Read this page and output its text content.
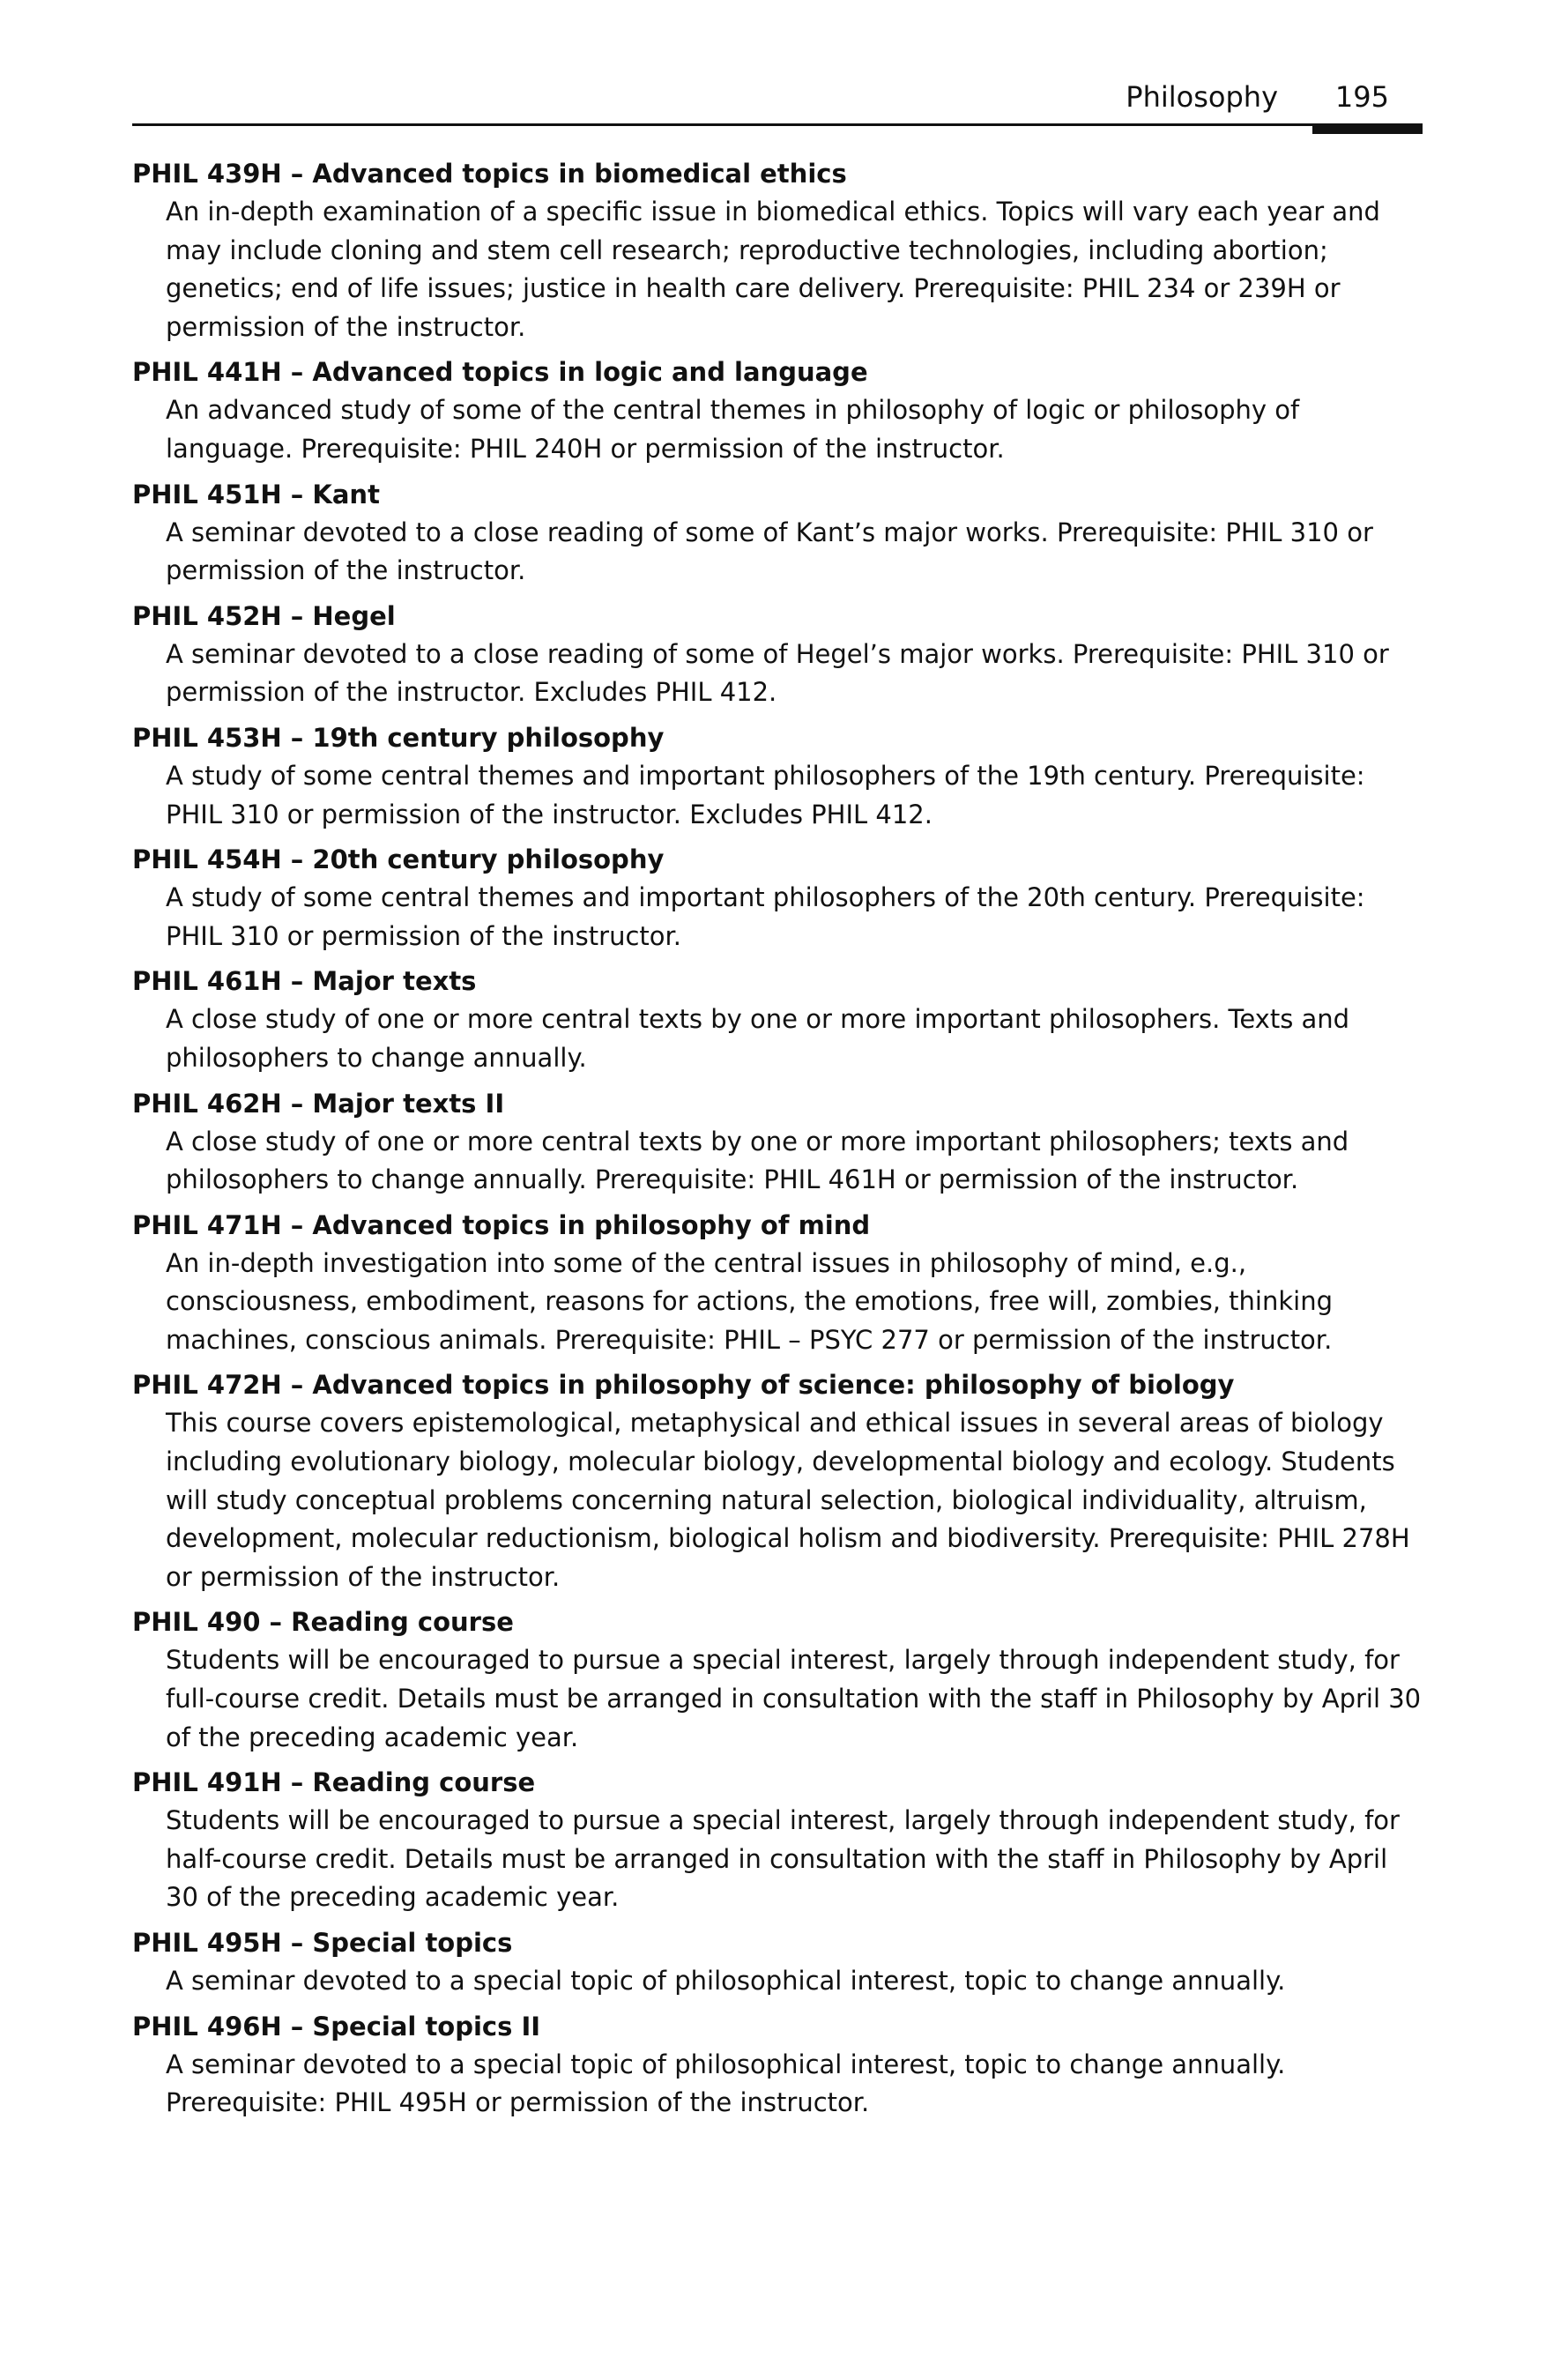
Philosophy 195
PHIL 439H – Advanced topics in biomedical ethics
An in-depth examination of a specific issue in biomedical ethics. Topics will vary each year and may include cloning and stem cell research; reproductive technologies, including abortion; genetics; end of life issues; justice in health care delivery. Prerequisite: PHIL 234 or 239H or permission of the instructor.
PHIL 441H – Advanced topics in logic and language
An advanced study of some of the central themes in philosophy of logic or philosophy of language. Prerequisite: PHIL 240H or permission of the instructor.
PHIL 451H – Kant
A seminar devoted to a close reading of some of Kant’s major works. Prerequisite: PHIL 310 or permission of the instructor.
PHIL 452H – Hegel
A seminar devoted to a close reading of some of Hegel’s major works. Prerequisite: PHIL 310 or permission of the instructor. Excludes PHIL 412.
PHIL 453H – 19th century philosophy
A study of some central themes and important philosophers of the 19th century. Prerequisite: PHIL 310 or permission of the instructor. Excludes PHIL 412.
PHIL 454H – 20th century philosophy
A study of some central themes and important philosophers of the 20th century. Prerequisite: PHIL 310 or permission of the instructor.
PHIL 461H – Major texts
A close study of one or more central texts by one or more important philosophers. Texts and philosophers to change annually.
PHIL 462H – Major texts II
A close study of one or more central texts by one or more important philosophers; texts and philosophers to change annually. Prerequisite: PHIL 461H or permission of the instructor.
PHIL 471H – Advanced topics in philosophy of mind
An in-depth investigation into some of the central issues in philosophy of mind, e.g., consciousness, embodiment, reasons for actions, the emotions, free will, zombies, thinking machines, conscious animals. Prerequisite: PHIL – PSYC 277 or permission of the instructor.
PHIL 472H – Advanced topics in philosophy of science: philosophy of biology
This course covers epistemological, metaphysical and ethical issues in several areas of biology including evolutionary biology, molecular biology, developmental biology and ecology. Students will study conceptual problems concerning natural selection, biological individuality, altruism, development, molecular reductionism, biological holism and biodiversity. Prerequisite: PHIL 278H or permission of the instructor.
PHIL 490 – Reading course
Students will be encouraged to pursue a special interest, largely through independent study, for full-course credit. Details must be arranged in consultation with the staff in Philosophy by April 30 of the preceding academic year.
PHIL 491H – Reading course
Students will be encouraged to pursue a special interest, largely through independent study, for half-course credit. Details must be arranged in consultation with the staff in Philosophy by April 30 of the preceding academic year.
PHIL 495H – Special topics
A seminar devoted to a special topic of philosophical interest, topic to change annually.
PHIL 496H – Special topics II
A seminar devoted to a special topic of philosophical interest, topic to change annually. Prerequisite: PHIL 495H or permission of the instructor.
